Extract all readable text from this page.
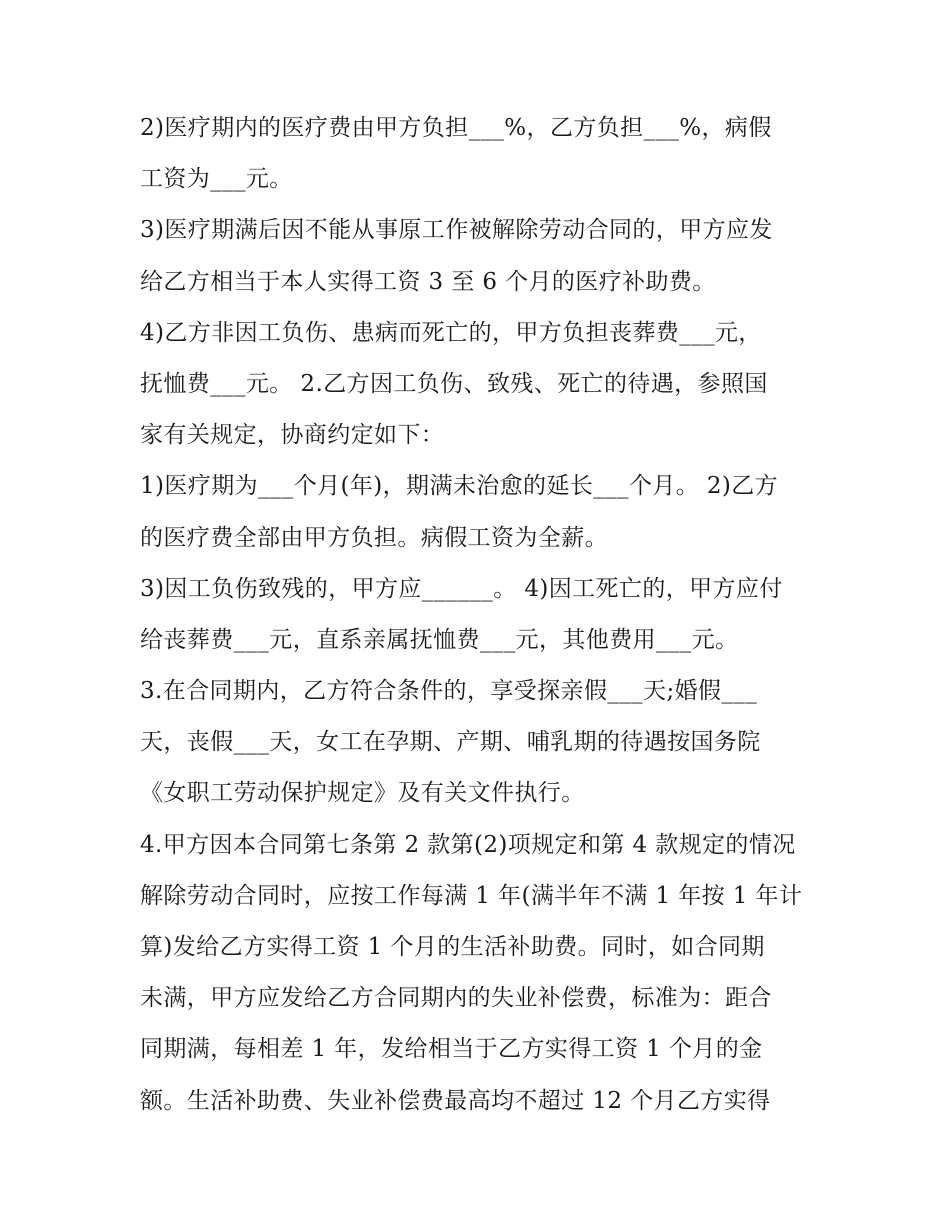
2)医疗期内的医疗费由甲方负担___%，乙方负担___%，病假
工资为___元。
3)医疗期满后因不能从事原工作被解除劳动合同的，甲方应发
给乙方相当于本人实得工资 3 至 6 个月的医疗补助费。
4)乙方非因工负伤、患病而死亡的，甲方负担丧葬费___元，
抚恤费___元。 2.乙方因工负伤、致残、死亡的待遇，参照国
家有关规定，协商约定如下：
1)医疗期为___个月(年)，期满未治愈的延长___个月。 2)乙方
的医疗费全部由甲方负担。病假工资为全薪。
3)因工负伤致残的，甲方应______。 4)因工死亡的，甲方应付
给丧葬费___元，直系亲属抚恤费___元，其他费用___元。
3.在合同期内，乙方符合条件的，享受探亲假___天;婚假___
天，丧假___天，女工在孕期、产期、哺乳期的待遇按国务院
《女职工劳动保护规定》及有关文件执行。
4.甲方因本合同第七条第 2 款第(2)项规定和第 4 款规定的情况
解除劳动合同时，应按工作每满 1 年(满半年不满 1 年按 1 年计
算)发给乙方实得工资 1 个月的生活补助费。同时，如合同期
未满，甲方应发给乙方合同期内的失业补偿费，标准为：距合
同期满，每相差 1 年，发给相当于乙方实得工资 1 个月的金
额。生活补助费、失业补偿费最高均不超过 12 个月乙方实得
